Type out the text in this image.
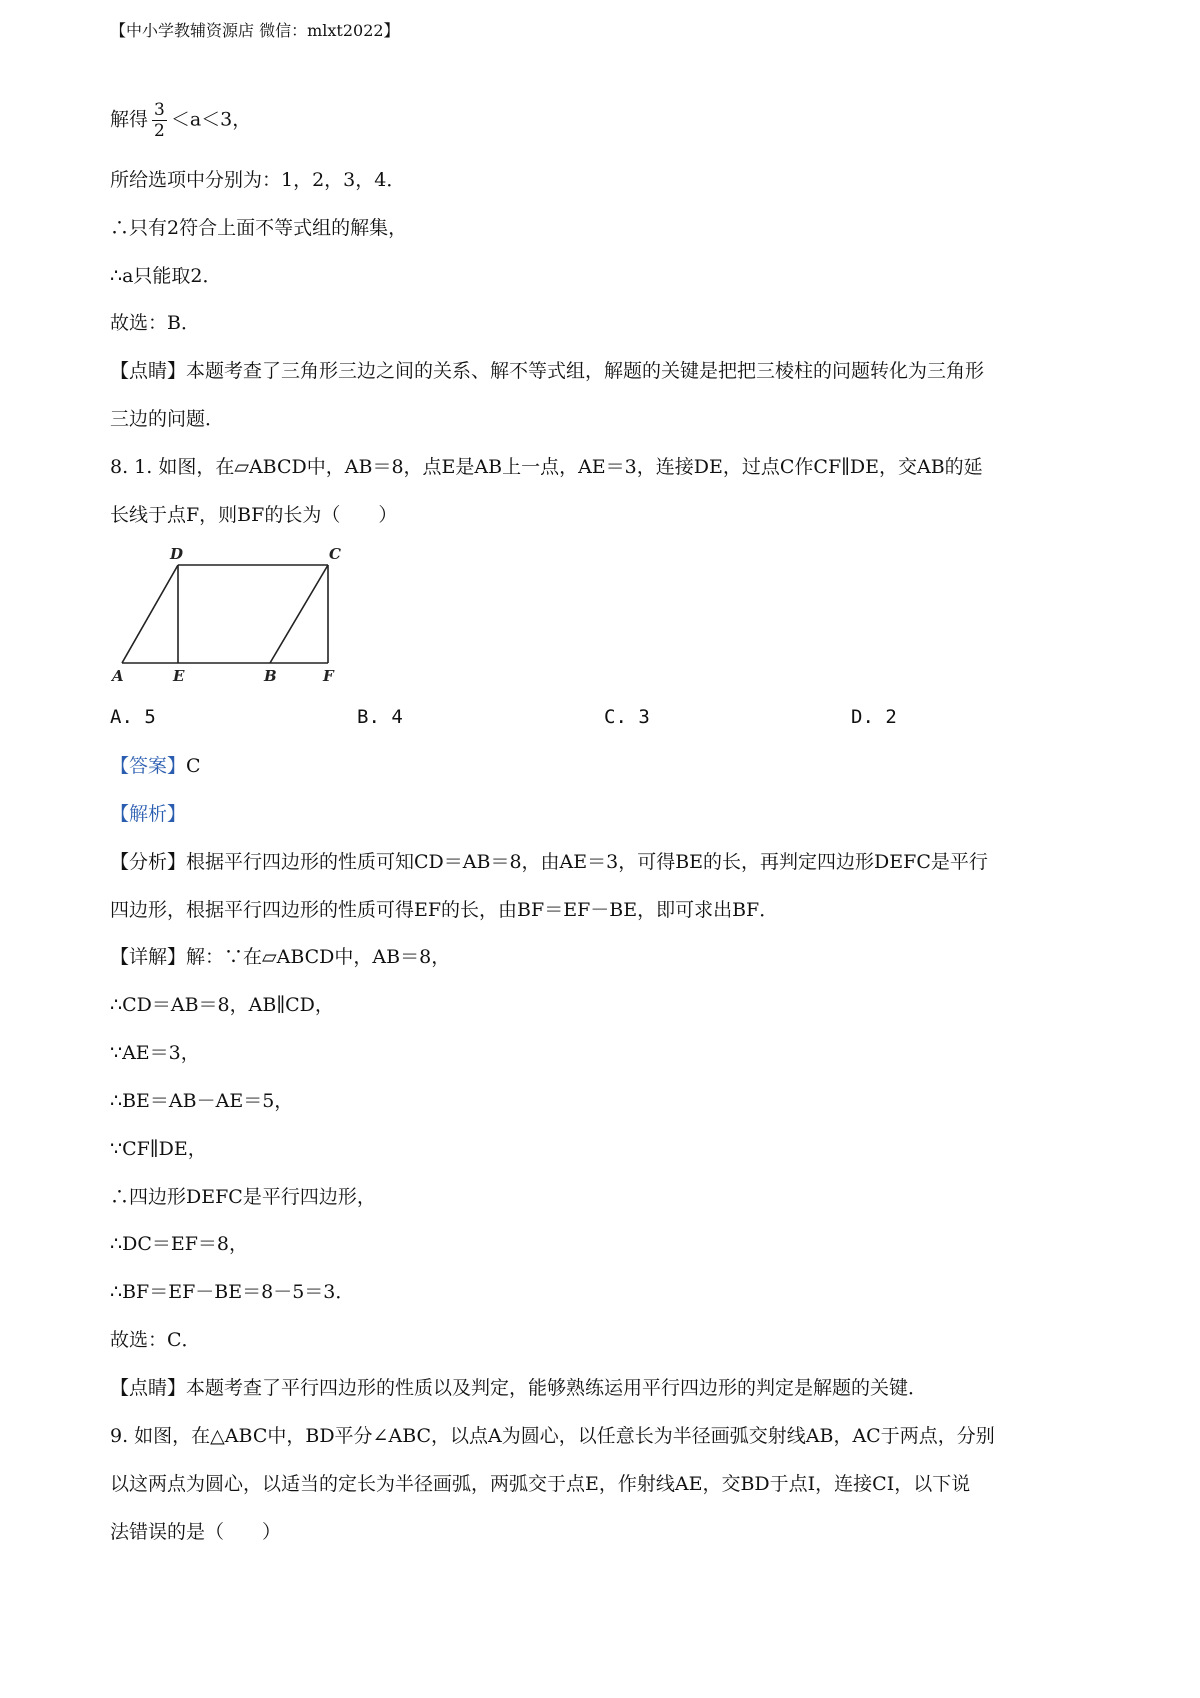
【中小学教辅资源店 微信：mlxt2022】
解得 $\frac{3}{2} <a<3$，
所给选项中分别为：1，2，3，4．
∴只有2符合上面不等式组的解集，
∴a只能取2．
故选：B．
【点睛】本题考查了三角形三边之间的关系、解不等式组，解题的关键是把把三棱柱的问题转化为三角形
三边的问题．
8. 1. 如图，在▱ABCD中，AB＝8，点E是AB上一点，AE＝3，连接DE，过点C作CF∥DE，交AB的延
长线于点F，则BF的长为（　　）
D	C
A	E	B	F
A. 5	B. 4	C. 3	D. 2
【答案】C
【解析】
【分析】根据平行四边形的性质可知CD＝AB＝8，由AE＝3，可得BE的长，再判定四边形DEFC是平行
四边形，根据平行四边形的性质可得EF的长，由BF＝EF－BE，即可求出BF．
【详解】解：∵在▱ABCD中，AB＝8，
∴CD＝AB＝8，AB∥CD，
∵AE＝3，
∴BE＝AB－AE＝5，
∵CF∥DE，
∴四边形DEFC是平行四边形，
∴DC＝EF＝8，
∴BF＝EF－BE＝8－5＝3．
故选：C．
【点睛】本题考查了平行四边形的性质以及判定，能够熟练运用平行四边形的判定是解题的关键．
9. 如图，在△ABC中，BD平分∠ABC，以点A为圆心，以任意长为半径画弧交射线AB，AC于两点，分别
以这两点为圆心，以适当的定长为半径画弧，两弧交于点E，作射线AE，交BD于点I，连接CI，以下说
法错误的是（　　）
